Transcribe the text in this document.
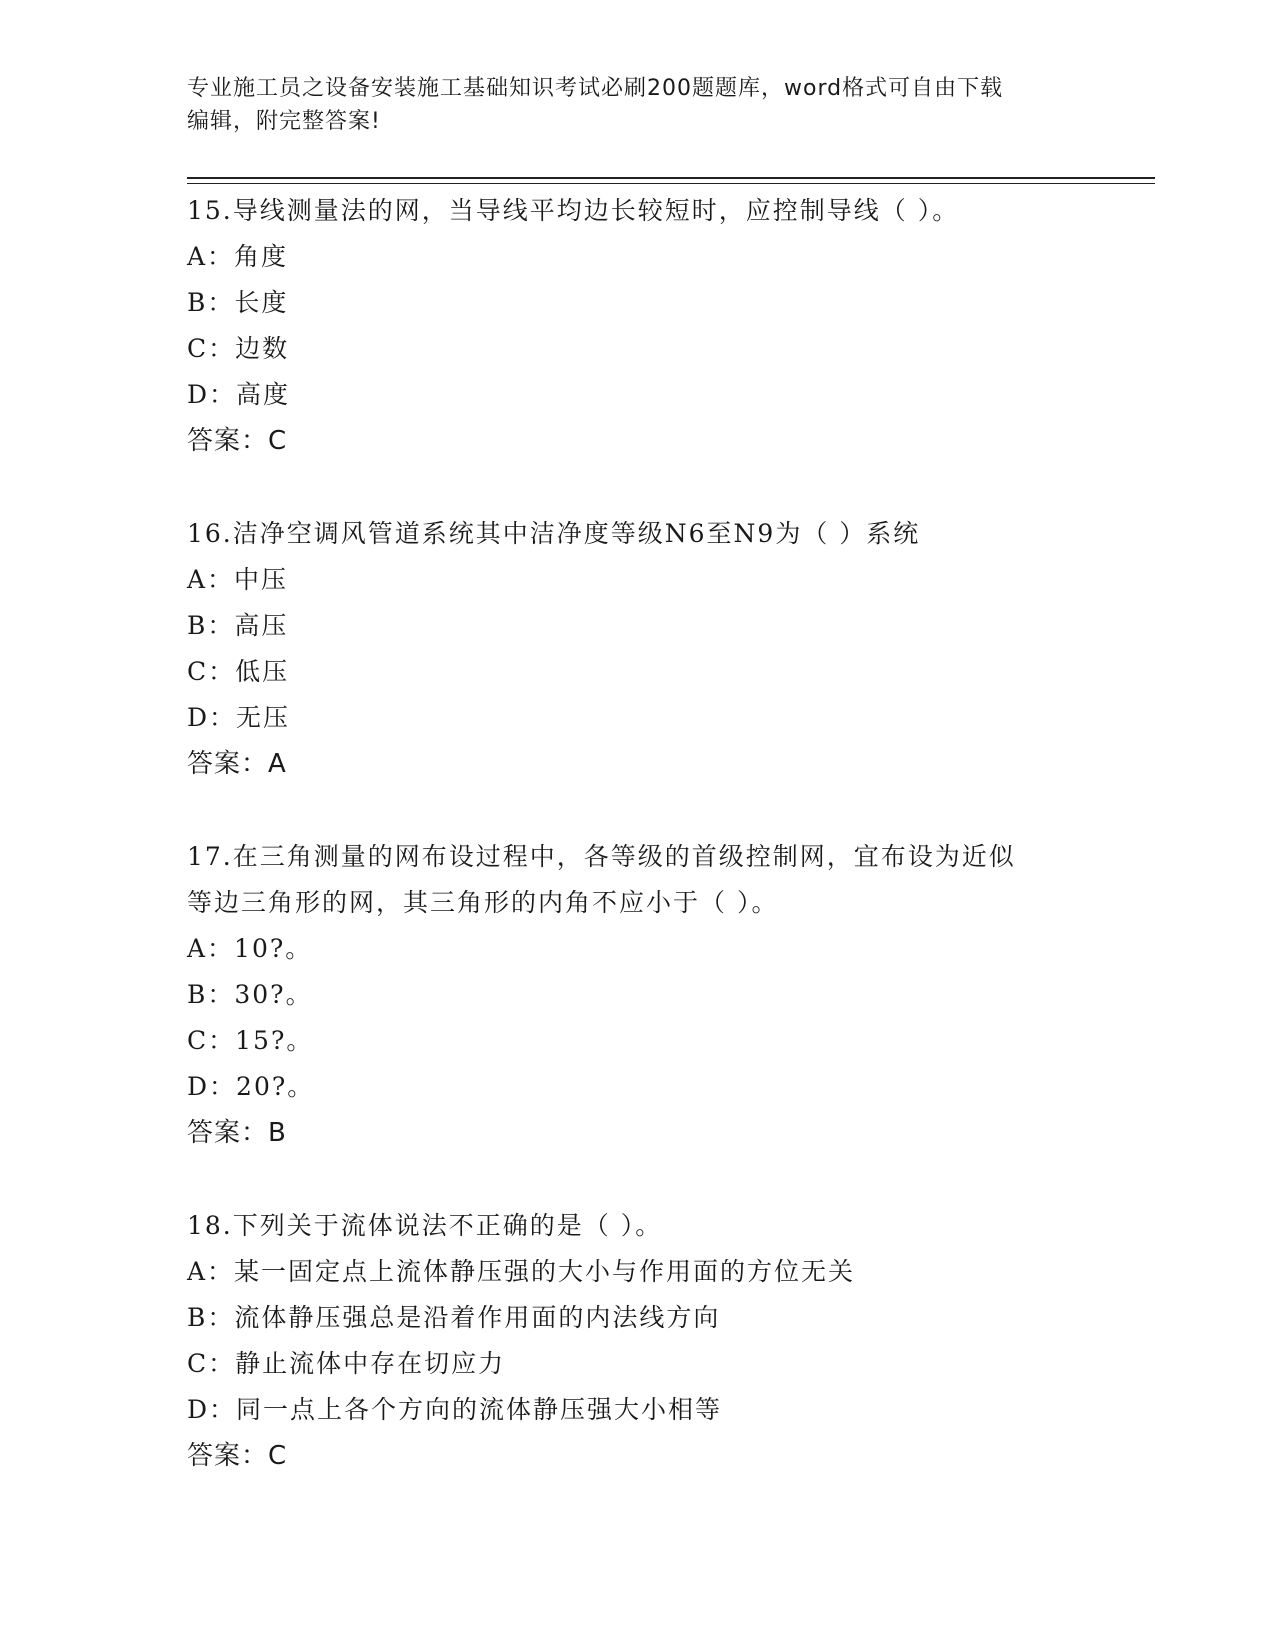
专业施工员之设备安装施工基础知识考试必刷200题题库，word格式可自由下载
编辑，附完整答案!
15.导线测量法的网，当导线平均边长较短时，应控制导线（ ）。
A：角度
B：长度
C：边数
D：高度
答案：C
16.洁净空调风管道系统其中洁净度等级N6至N9为（ ）系统
A：中压
B：高压
C：低压
D：无压
答案：A
17.在三角测量的网布设过程中，各等级的首级控制网，宜布设为近似
等边三角形的网，其三角形的内角不应小于（ ）。
A：10?。
B：30?。
C：15?。
D：20?。
答案：B
18.下列关于流体说法不正确的是（ ）。
A：某一固定点上流体静压强的大小与作用面的方位无关
B：流体静压强总是沿着作用面的内法线方向
C：静止流体中存在切应力
D：同一点上各个方向的流体静压强大小相等
答案：C
